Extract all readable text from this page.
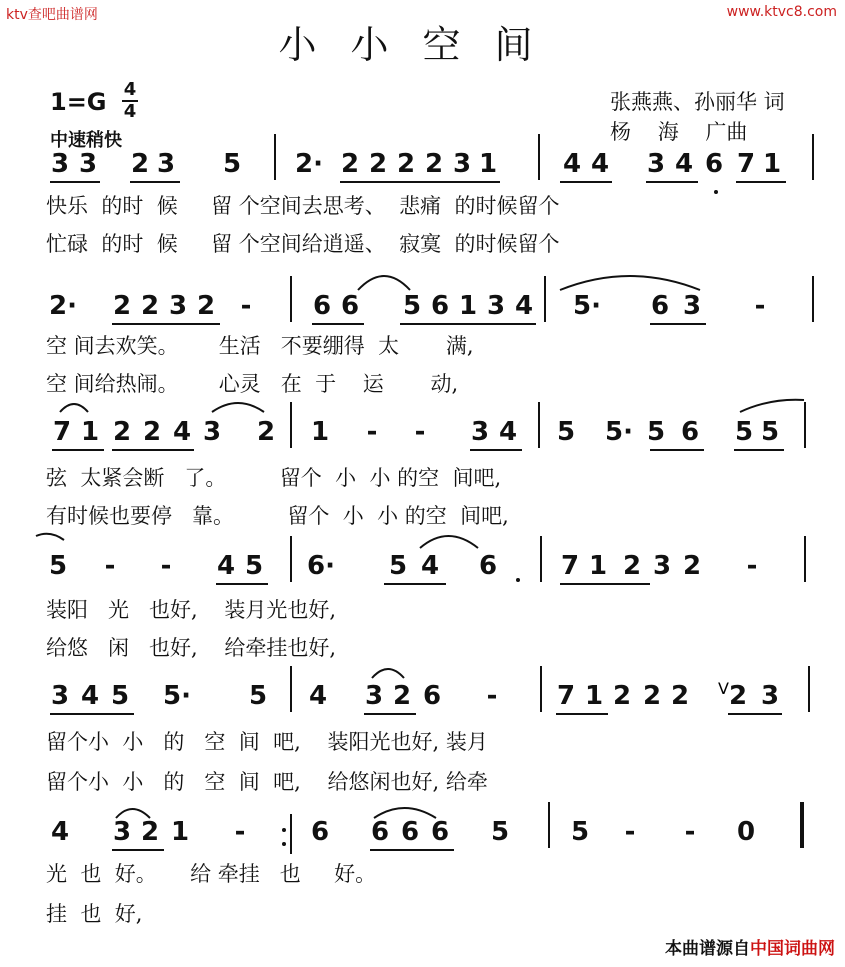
ktv查吧曲谱网	www.ktvc8.com
小小空间
1=G 4
4
中速稍快
张燕燕、孙丽华 词
杨    海    广曲
3 3 2 3 5 2· 2 2 2 2 3 1	4 4 3 4 6 7 1
快乐  的时  候     留 个空间去思考、  悲痛  的时候留个
忙碌  的时  候     留 个空间给逍遥、  寂寞  的时候留个
2· 2 2 3 2 - 6 6 5 6 1 3 4 5· 6 3 -
空 间去欢笑。      生活   不要绷得  太       满,
空 间给热闹。      心灵   在  于    运       动,
7 1 2 2 4 3 2 1 - - 3 4 5 5· 5 6 5 5
弦  太紧会断   了。        留个  小  小 的空  间吧,
有时候也要停   靠。        留个  小  小 的空  间吧,
5 - - 4 5 6· 5 4 6 7 1 2 3 2 -
装阳   光   也好,    装月光也好,
给悠   闲   也好,    给牵挂也好,
3 4 5 5· 5 4 3 2 6 - 7 1 2 2 2 2 3
留个小  小   的   空  间  吧,    装阳光也好, 装月
留个小  小   的   空  间  吧,    给悠闲也好, 给牵
4 3 2 1 -	6 6 6 6 5 5 - - 0
光  也  好。     给 牵挂   也     好。
挂  也  好,
V
本曲谱源自中国词曲网
